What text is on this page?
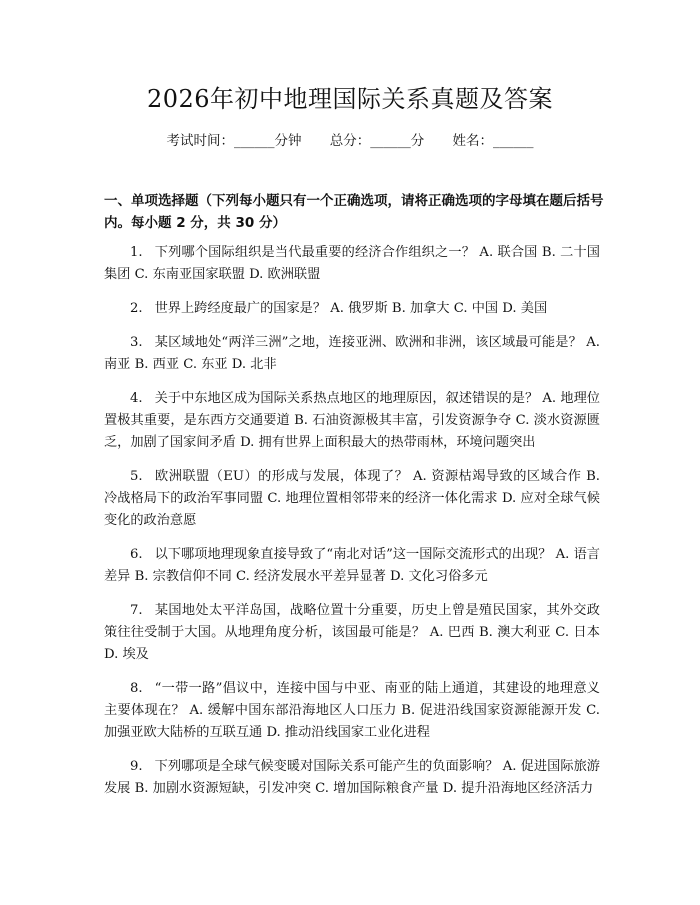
2026年初中地理国际关系真题及答案
考试时间：______分钟 总分：______分 姓名：______
一、单项选择题（下列每小题只有一个正确选项，请将正确选项的字母填在题后括号内。每小题 2 分，共 30 分）
1. 下列哪个国际组织是当代最重要的经济合作组织之一？ A. 联合国 B. 二十国集团 C. 东南亚国家联盟 D. 欧洲联盟
2. 世界上跨经度最广的国家是？ A. 俄罗斯 B. 加拿大 C. 中国 D. 美国
3. 某区域地处“两洋三洲”之地，连接亚洲、欧洲和非洲，该区域最可能是？ A. 南亚 B. 西亚 C. 东亚 D. 北非
4. 关于中东地区成为国际关系热点地区的地理原因，叙述错误的是？ A. 地理位置极其重要，是东西方交通要道 B. 石油资源极其丰富，引发资源争夺 C. 淡水资源匮乏，加剧了国家间矛盾 D. 拥有世界上面积最大的热带雨林，环境问题突出
5. 欧洲联盟（EU）的形成与发展，体现了？ A. 资源枯竭导致的区域合作 B. 冷战格局下的政治军事同盟 C. 地理位置相邻带来的经济一体化需求 D. 应对全球气候变化的政治意愿
6. 以下哪项地理现象直接导致了“南北对话”这一国际交流形式的出现？ A. 语言差异 B. 宗教信仰不同 C. 经济发展水平差异显著 D. 文化习俗多元
7. 某国地处太平洋岛国，战略位置十分重要，历史上曾是殖民国家，其外交政策往往受制于大国。从地理角度分析，该国最可能是？ A. 巴西 B. 澳大利亚 C. 日本 D. 埃及
8. “一带一路”倡议中，连接中国与中亚、南亚的陆上通道，其建设的地理意义主要体现在？ A. 缓解中国东部沿海地区人口压力 B. 促进沿线国家资源能源开发 C. 加强亚欧大陆桥的互联互通 D. 推动沿线国家工业化进程
9. 下列哪项是全球气候变暖对国际关系可能产生的负面影响？ A. 促进国际旅游发展 B. 加剧水资源短缺，引发冲突 C. 增加国际粮食产量 D. 提升沿海地区经济活力
